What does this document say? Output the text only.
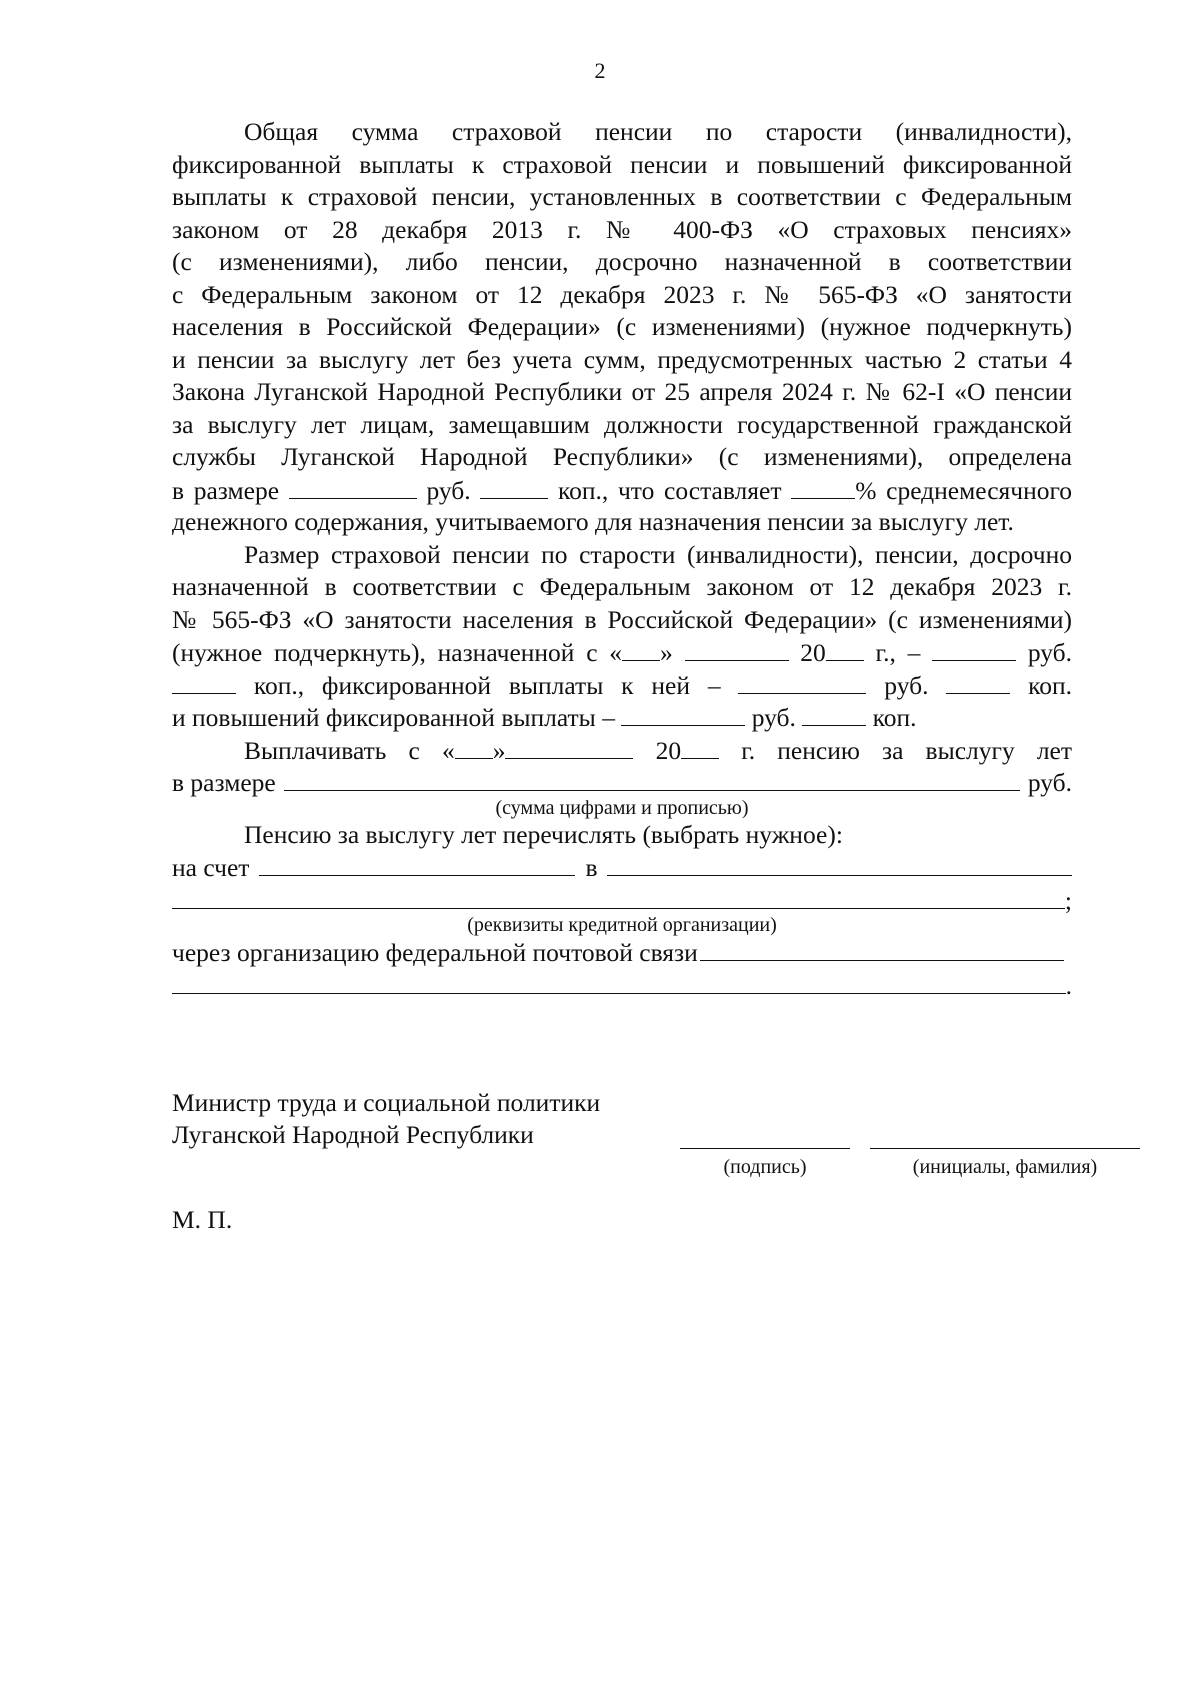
2
Общая сумма страховой пенсии по старости (инвалидности),
фиксированной выплаты к страховой пенсии и повышений фиксированной
выплаты к страховой пенсии, установленных в соответствии с Федеральным
законом от 28 декабря 2013 г. № 400-ФЗ «О страховых пенсиях»
(с изменениями), либо пенсии, досрочно назначенной в соответствии
с Федеральным законом от 12 декабря 2023 г. № 565-ФЗ «О занятости
населения в Российской Федерации» (с изменениями) (нужное подчеркнуть)
и пенсии за выслугу лет без учета сумм, предусмотренных частью 2 статьи 4
Закона Луганской Народной Республики от 25 апреля 2024 г. № 62-I «О пенсии
за выслугу лет лицам, замещавшим должности государственной гражданской
службы Луганской Народной Республики» (с изменениями), определена
в размере	руб.	коп., что составляет	% среднемесячного
денежного содержания, учитываемого для назначения пенсии за выслугу лет.
Размер страховой пенсии по старости (инвалидности), пенсии, досрочно
назначенной в соответствии с Федеральным законом от 12 декабря 2023 г.
№ 565-ФЗ «О занятости населения в Российской Федерации» (с изменениями)
(нужное подчеркнуть), назначенной с « »	20 г., –	руб.
коп., фиксированной выплаты к ней –	руб.	коп.
и повышений фиксированной выплаты –	руб.	коп.
Выплачивать с « »	20 г. пенсию за выслугу лет
в размере	руб.
(сумма цифрами и прописью)
Пенсию за выслугу лет перечислять (выбрать нужное):
на счет	в
;
(реквизиты кредитной организации)
через организацию федеральной почтовой связи
.
Министр труда и социальной политики
Луганской Народной Республики
(подпись)	(инициалы, фамилия)
М. П.
